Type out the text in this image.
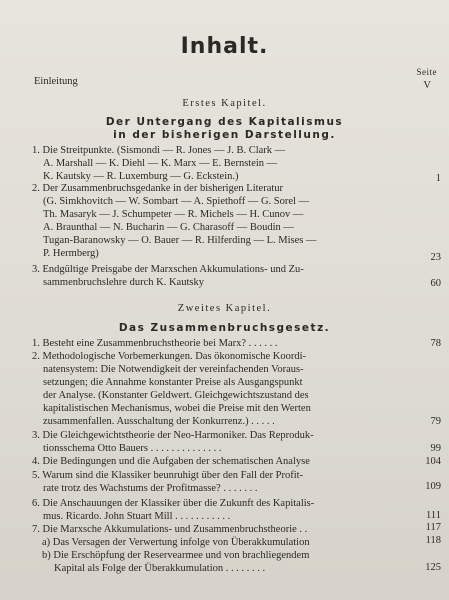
Inhalt.
Seite
Einleitung	V
Erstes Kapitel.
Der Untergang des Kapitalismus
in der bisherigen Darstellung.
1. Die Streitpunkte. (Sismondi — R. Jones — J. B. Clark —
A. Marshall — K. Diehl — K. Marx — E. Bernstein —
K. Kautsky — R. Luxemburg — G. Eckstein.)	1
2. Der Zusammenbruchsgedanke in der bisherigen Literatur
(G. Simkhovitch — W. Sombart — A. Spiethoff — G. Sorel —
Th. Masaryk — J. Schumpeter — R. Michels — H. Cunov —
A. Braunthal — N. Bucharin — G. Charasoff — Boudin —
Tugan-Baranowsky — O. Bauer — R. Hilferding — L. Mises —
P. Hermberg)	23
3. Endgültige Preisgabe der Marxschen Akkumulations- und Zu-
sammenbruchslehre durch K. Kautsky	60
Zweites Kapitel.
Das Zusammenbruchsgesetz.
1. Besteht eine Zusammenbruchstheorie bei Marx? . . . . . .	78
2. Methodologische Vorbemerkungen. Das ökonomische Koordi-
natensystem: Die Notwendigkeit der vereinfachenden Voraus-
setzungen; die Annahme konstanter Preise als Ausgangspunkt
der Analyse. (Konstanter Geldwert. Gleichgewichtszustand des
kapitalistischen Mechanismus, wobei die Preise mit den Werten
zusammenfallen. Ausschaltung der Konkurrenz.) . . . . .	79
3. Die Gleichgewichtstheorie der Neo-Harmoniker. Das Reproduk-
tionsschema Otto Bauers . . . . . . . . . . . . . .	99
4. Die Bedingungen und die Aufgaben der schematischen Analyse	104
5. Warum sind die Klassiker beunruhigt über den Fall der Profit-
rate trotz des Wachstums der Profitmasse? . . . . . . .	109
6. Die Anschauungen der Klassiker über die Zukunft des Kapitalis-
mus. Ricardo. John Stuart Mill . . . . . . . . . . .	111
7. Die Marxsche Akkumulations- und Zusammenbruchstheorie . .	117
a) Das Versagen der Verwertung infolge von Überakkumulation	118
b) Die Erschöpfung der Reservearmee und von brachliegendem
Kapital als Folge der Überakkumulation . . . . . . . .	125
